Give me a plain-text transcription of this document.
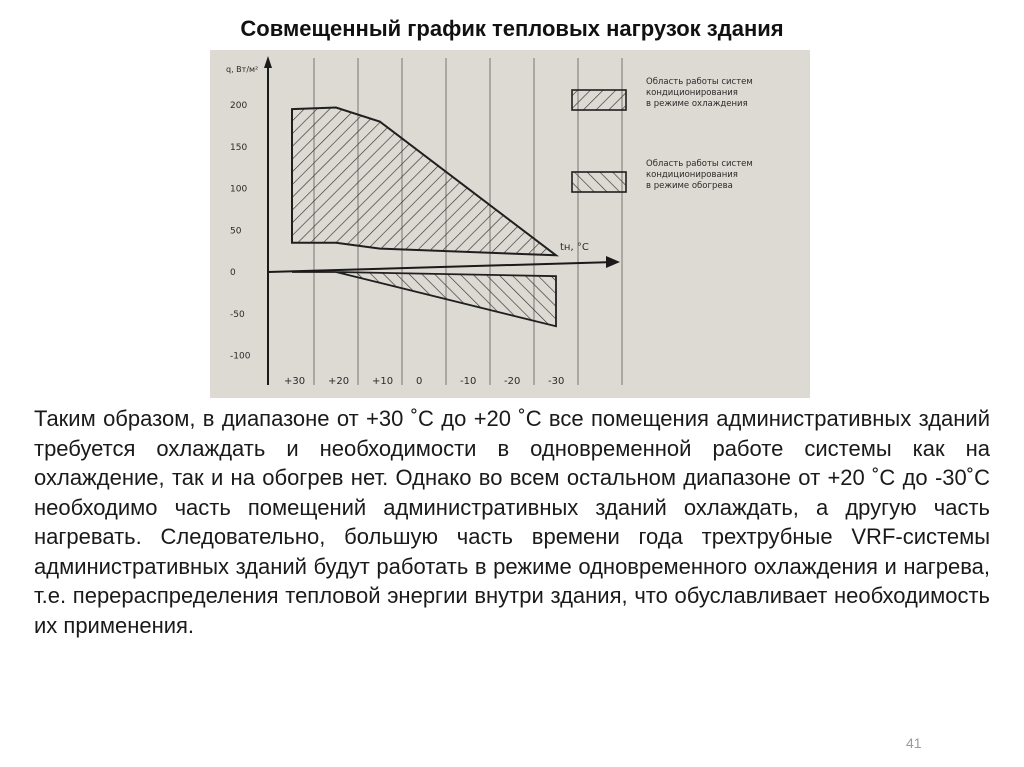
Совмещенный график тепловых нагрузок здания
q, Вт/м²
tн, °С
200
150
100
50
0
-50
-100
+30 +20 +10 0	-10	-20	-30
Область работы систем
кондиционирования
в режиме охлаждения
Область работы систем
кондиционирования
в режиме обогрева
Таким образом, в диапазоне от +30 ˚С до +20 ˚С все помещения административных зданий требуется охлаждать и необходимости в одновременной работе системы как на охлаждение, так и на обогрев нет. Однако во всем остальном диапазоне от +20 ˚С до -30˚С необходимо часть помещений административных зданий охлаждать, а другую часть нагревать. Следовательно, большую часть времени года трехтрубные VRF-системы административных зданий будут работать в режиме одновременного охлаждения и нагрева, т.е. перераспределения тепловой энергии внутри здания, что обуславливает необходимость их применения.
41
